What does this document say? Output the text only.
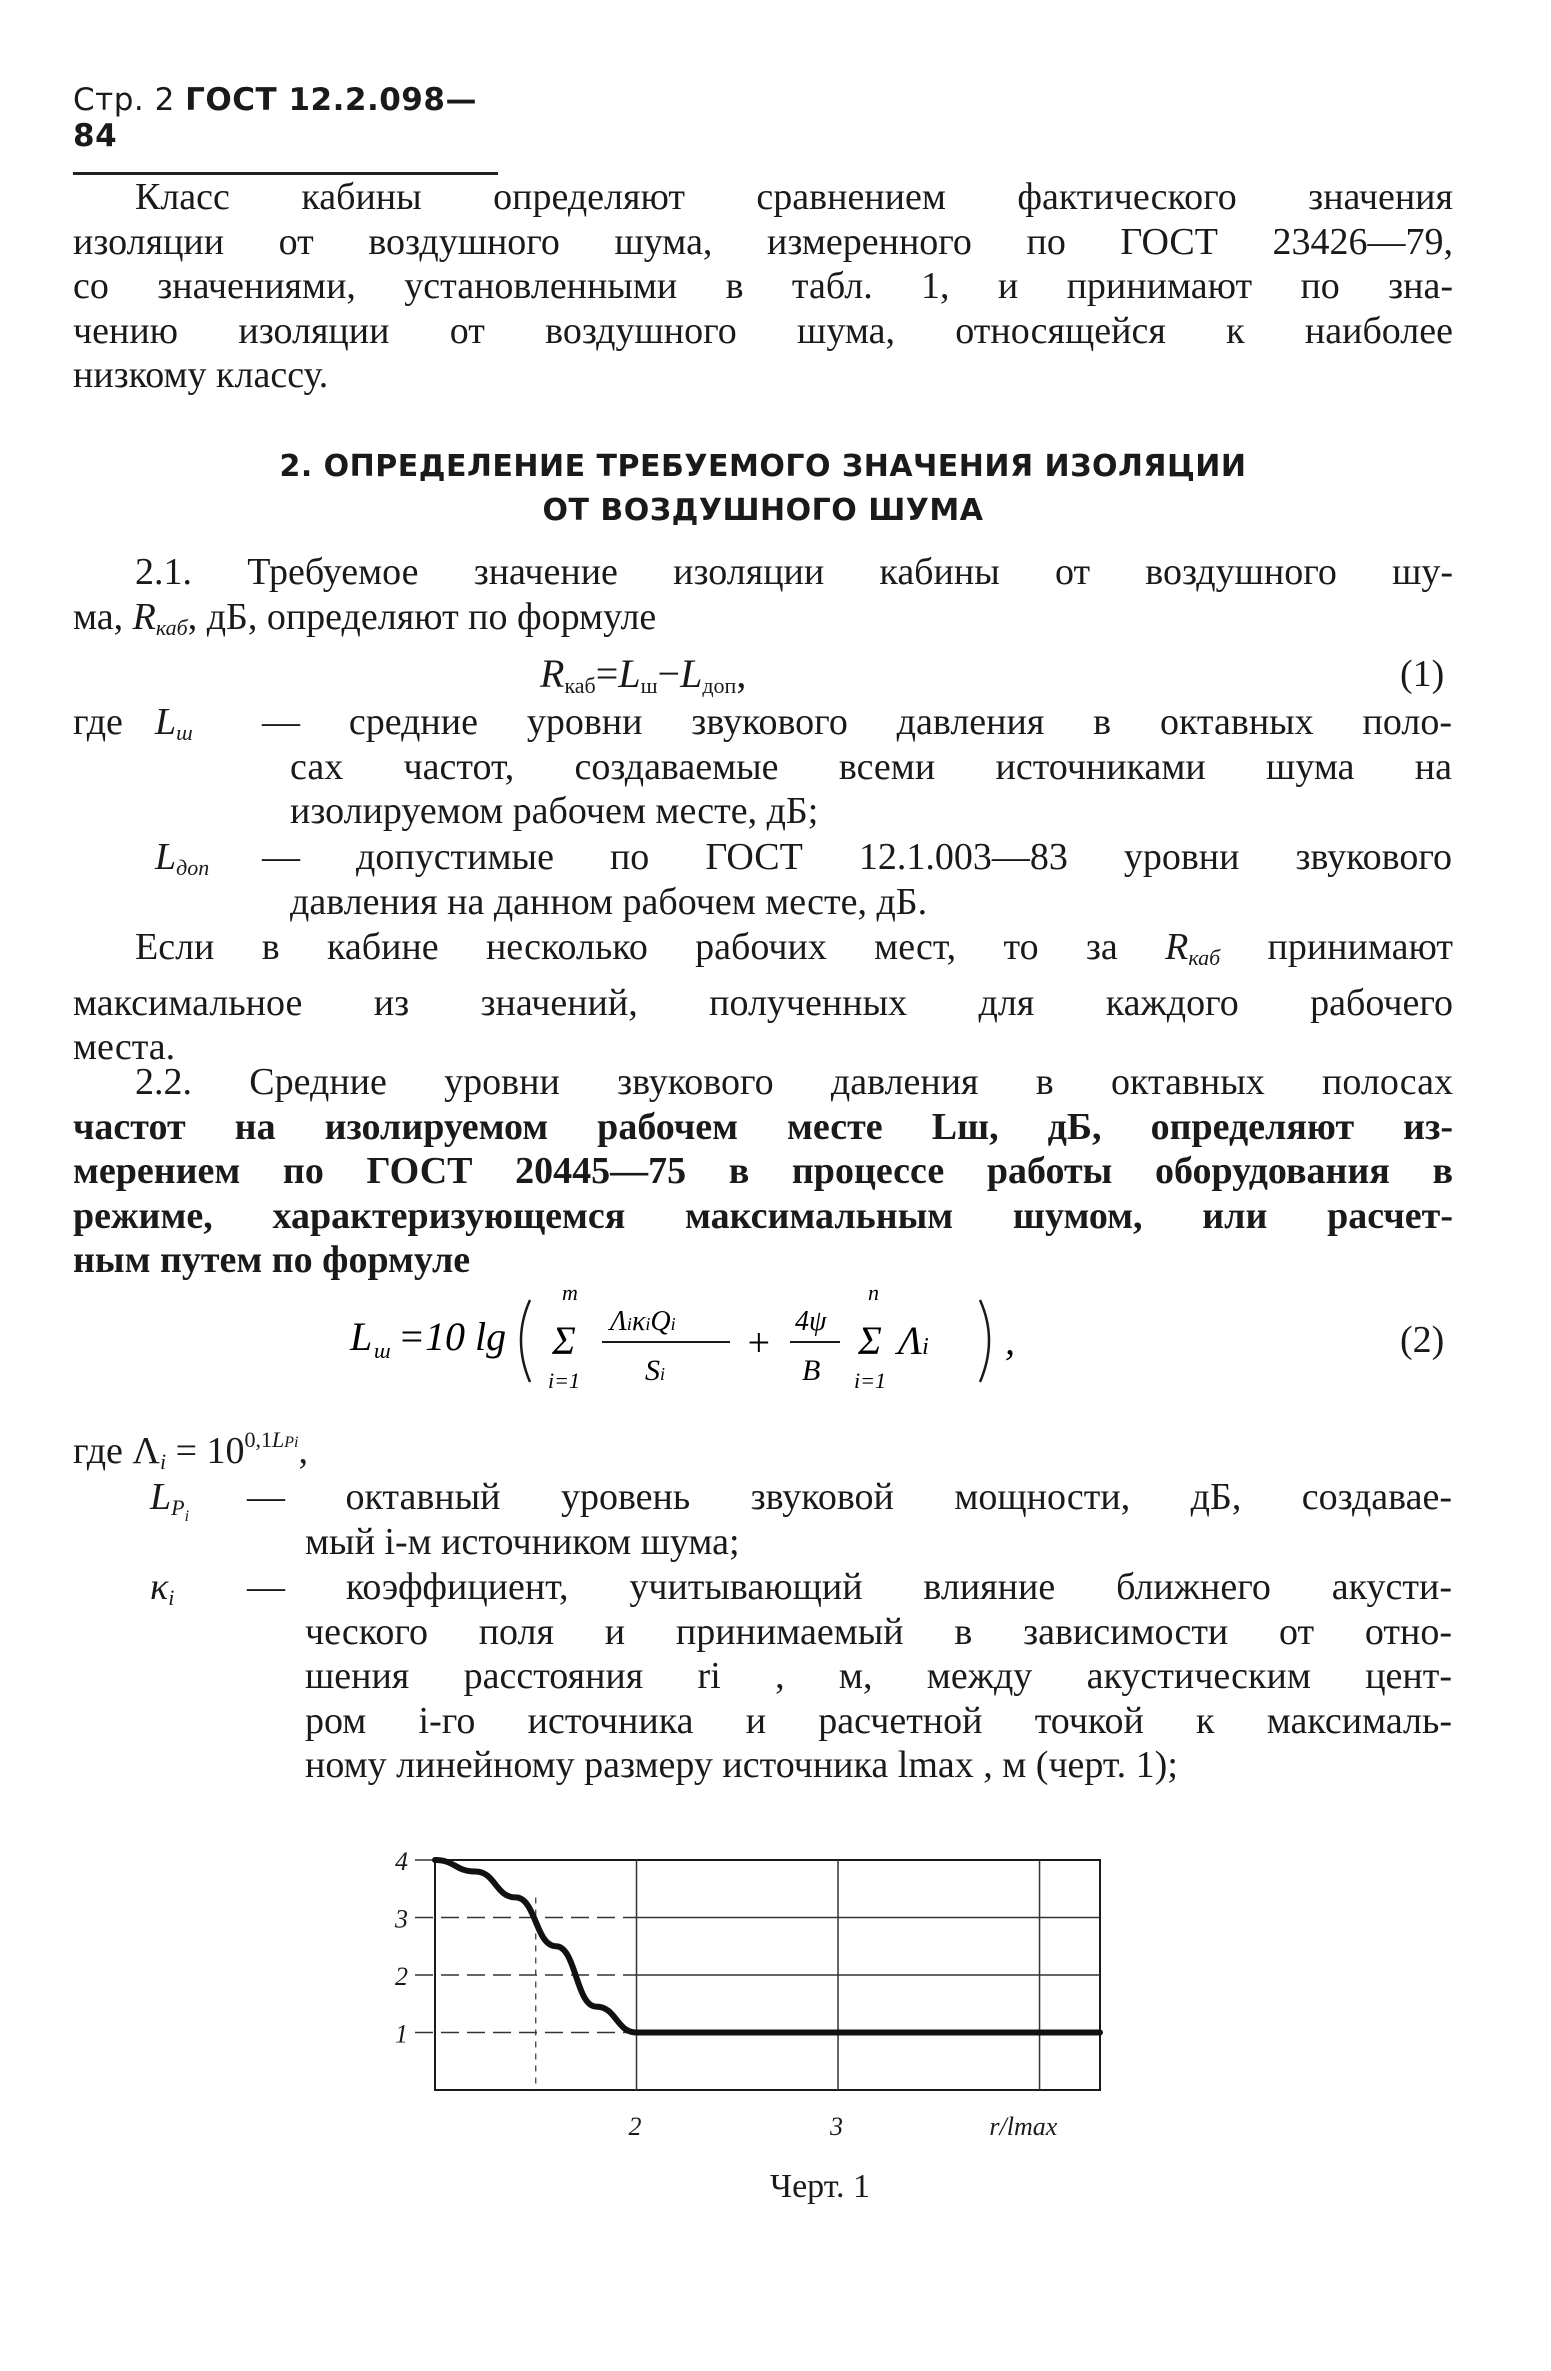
Стр. 2 ГОСТ 12.2.098—84
Класс кабины определяют сравнением фактического значения
изоляции от воздушного шума, измеренного по ГОСТ 23426—79,
со значениями, установленными в табл. 1, и принимают по зна-
чению изоляции от воздушного шума, относящейся к наиболее
низкому классу.
2. ОПРЕДЕЛЕНИЕ ТРЕБУЕМОГО ЗНАЧЕНИЯ ИЗОЛЯЦИИ
ОТ ВОЗДУШНОГО ШУМА
2.1. Требуемое значение изоляции кабины от воздушного шу-
ма, $R_{каб}$, дБ, определяют по формуле
$R_{каб}=L_ш-L_{доп}$,	(1)
где $L_ш$ — средние уровни звукового давления в октавных поло-
сах частот, создаваемые всеми источниками шума на
изолируемом рабочем месте, дБ;
$L_{доп}$ — допустимые по ГОСТ 12.1.003—83 уровни звукового
давления на данном рабочем месте, дБ.
Если в кабине несколько рабочих мест, то за $R_{каб}$ принимают
максимальное из значений, полученных для каждого рабочего
места.
2.2. Средние уровни звукового давления в октавных полосах
частот на изолируемом рабочем месте Lш, дБ, определяют из-
мерением по ГОСТ 20445—75 в процессе работы оборудования в
режиме, характеризующемся максимальным шумом, или расчет-
ным путем по формуле
L ш =10 lg
m
Σ
i=1
ΛiκiQi
Si
+ 4ψ
B
n
Σ
i=1
Λi ,	(2)
где $\Lambda_i = 10^{0,1LPi}$,
$L_{P_i}$ — октавный уровень звуковой мощности, дБ, создавае-
мый i-м источником шума;
$\kappa_i$ — коэффициент, учитывающий влияние ближнего акусти-
ческого поля и принимаемый в зависимости от отно-
шения расстояния ri , м, между акустическим цент-
ром i-го источника и расчетной точкой к максималь-
ному линейному размеру источника lmax , м (черт. 1);
1
2
3
4
2	3	r/lmax
Черт. 1
